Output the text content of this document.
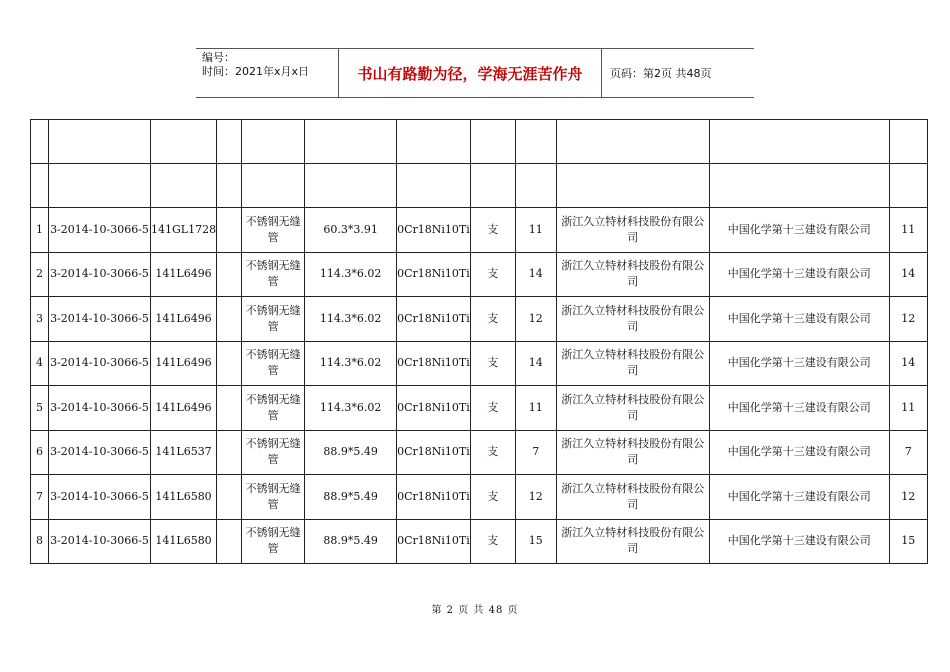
编号：
时间：2021年x月x日	书山有路勤为径，学海无涯苦作舟	页码：第2页 共48页

1	3-2014-10-3066-5	141GL1728		不锈钢无缝管	60.3*3.91	0Cr18Ni10Ti	支	11	浙江久立特材科技股份有限公司	中国化学第十三建设有限公司	11
2	3-2014-10-3066-5	141L6496		不锈钢无缝管	114.3*6.02	0Cr18Ni10Ti	支	14	浙江久立特材科技股份有限公司	中国化学第十三建设有限公司	14
3	3-2014-10-3066-5	141L6496		不锈钢无缝管	114.3*6.02	0Cr18Ni10Ti	支	12	浙江久立特材科技股份有限公司	中国化学第十三建设有限公司	12
4	3-2014-10-3066-5	141L6496		不锈钢无缝管	114.3*6.02	0Cr18Ni10Ti	支	14	浙江久立特材科技股份有限公司	中国化学第十三建设有限公司	14
5	3-2014-10-3066-5	141L6496		不锈钢无缝管	114.3*6.02	0Cr18Ni10Ti	支	11	浙江久立特材科技股份有限公司	中国化学第十三建设有限公司	11
6	3-2014-10-3066-5	141L6537		不锈钢无缝管	88.9*5.49	0Cr18Ni10Ti	支	7	浙江久立特材科技股份有限公司	中国化学第十三建设有限公司	7
7	3-2014-10-3066-5	141L6580		不锈钢无缝管	88.9*5.49	0Cr18Ni10Ti	支	12	浙江久立特材科技股份有限公司	中国化学第十三建设有限公司	12
8	3-2014-10-3066-5	141L6580		不锈钢无缝管	88.9*5.49	0Cr18Ni10Ti	支	15	浙江久立特材科技股份有限公司	中国化学第十三建设有限公司	15
第 2 页 共 48 页
